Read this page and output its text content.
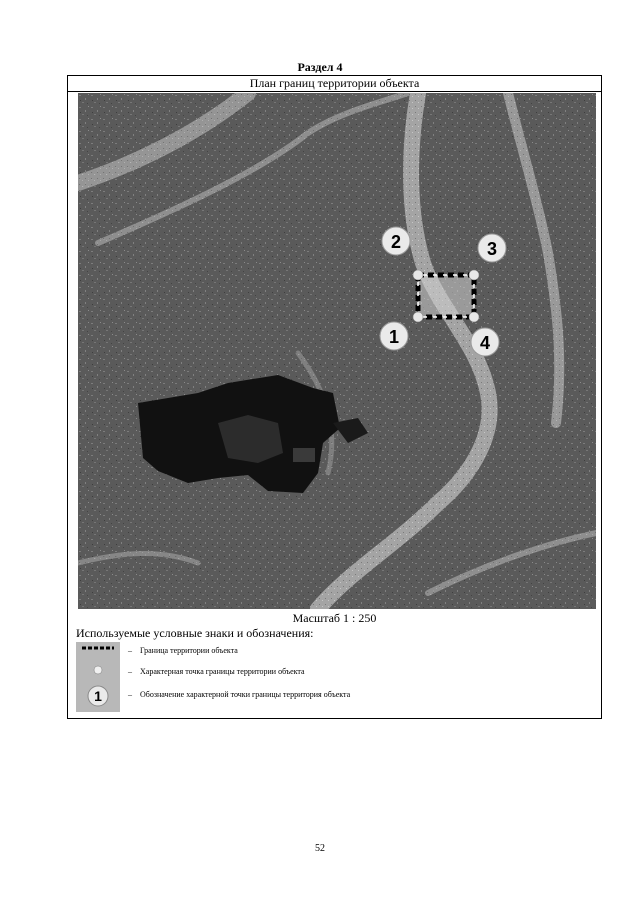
Раздел 4
План границ территории объекта
1
2	3
4
Масштаб 1 : 250
Используемые условные знаки и обозначения:
1
– Граница территории объекта
– Характерная точка границы территории объекта
– Обозначение характерной точки границы территория объекта
52
